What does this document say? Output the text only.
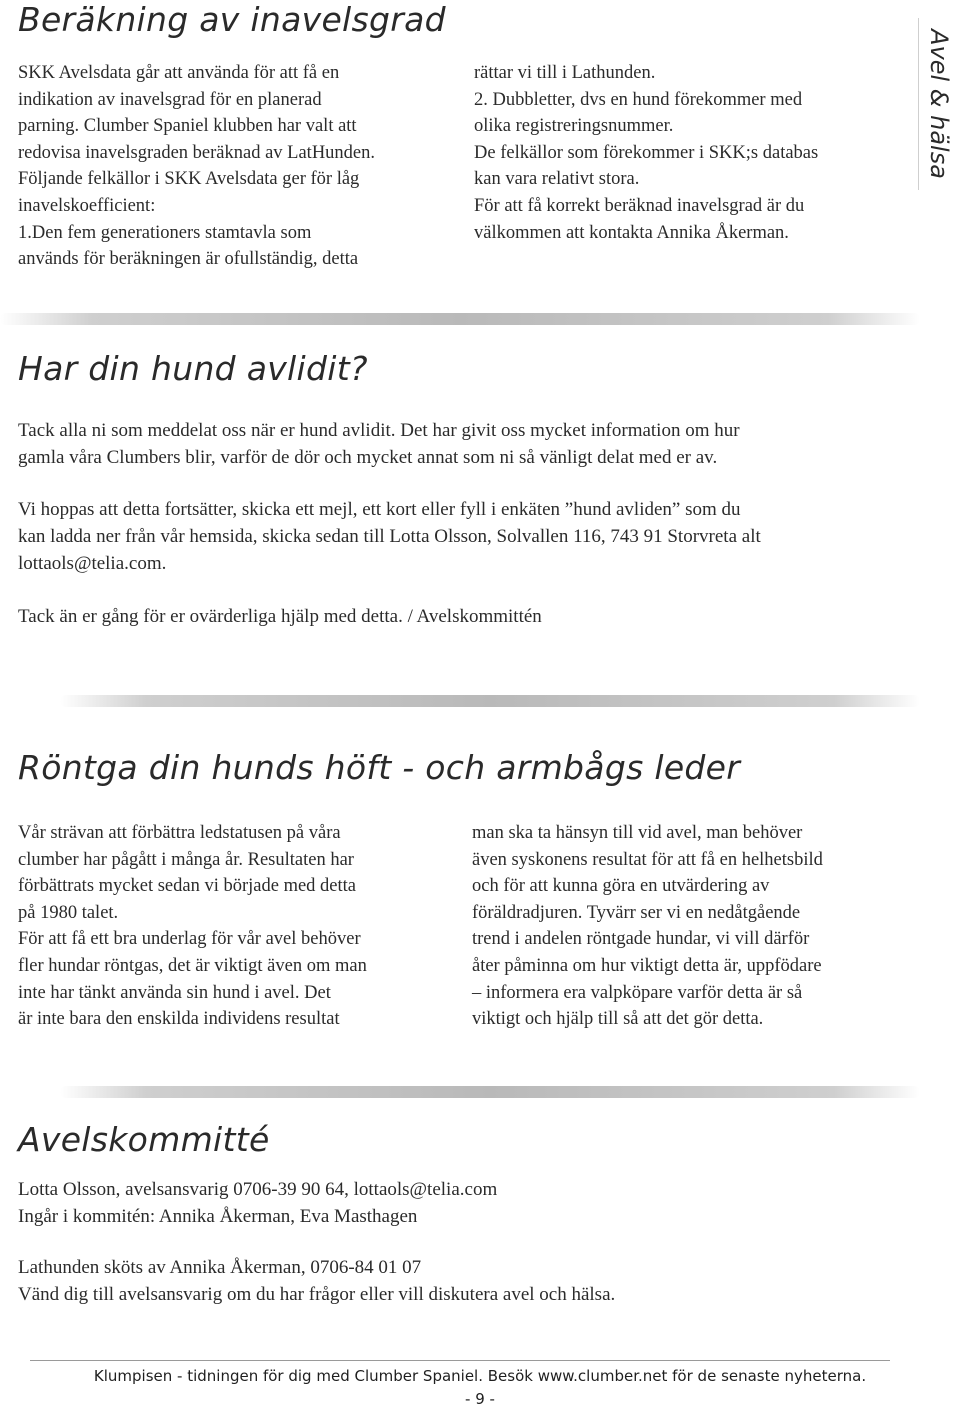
Avel & hälsa
Beräkning av inavelsgrad

SKK Avelsdata går att använda för att få en

indikation av inavelsgrad för en planerad

parning. Clumber Spaniel klubben har valt att

redovisa inavelsgraden beräknad av LatHunden.

Följande felkällor i SKK Avelsdata ger för låg

inavelskoefficient:

1.Den fem generationers stamtavla som

används för beräkningen är ofullständig, detta

rättar vi till i Lathunden.

2. Dubbletter, dvs en hund förekommer med

olika registreringsnummer.

De felkällor som förekommer i SKK;s databas

kan vara relativt stora.

För att få korrekt beräknad inavelsgrad är du

välkommen att kontakta Annika Åkerman.

Har din hund avlidit?

Tack alla ni som meddelat oss när er hund avlidit. Det har givit oss mycket information om hur

gamla våra Clumbers blir, varför de dör och mycket annat som ni så vänligt delat med er av.

Vi hoppas att detta fortsätter, skicka ett mejl, ett kort eller fyll i enkäten ”hund avliden” som du

kan ladda ner från vår hemsida, skicka sedan till Lotta Olsson, Solvallen 116, 743 91 Storvreta alt

lottaols@telia.com.

Tack än er gång för er ovärderliga hjälp med detta. / Avelskommittén

Röntga din hunds höft - och armbågs leder

Vår strävan att förbättra ledstatusen på våra

clumber har pågått i många år. Resultaten har

förbättrats mycket sedan vi började med detta

på 1980 talet.

För att få ett bra underlag för vår avel behöver

fler hundar röntgas, det är viktigt även om man

inte har tänkt använda sin hund i avel. Det

är inte bara den enskilda individens resultat

man ska ta hänsyn till vid avel, man behöver

även syskonens resultat för att få en helhetsbild

och för att kunna göra en utvärdering av

föräldradjuren. Tyvärr ser vi en nedåtgående

trend i andelen röntgade hundar, vi vill därför

åter påminna om hur viktigt detta är, uppfödare

– informera era valpköpare varför detta är så

viktigt och hjälp till så att det gör detta.

Avelskommitté

Lotta Olsson, avelsansvarig 0706-39 90 64, lottaols@telia.com

Ingår i kommitén: Annika Åkerman, Eva Masthagen

Lathunden sköts av Annika Åkerman, 0706-84 01 07

Vänd dig till avelsansvarig om du har frågor eller vill diskutera avel och hälsa.

Klumpisen - tidningen för dig med Clumber Spaniel. Besök www.clumber.net för de senaste nyheterna.
- 9 -
